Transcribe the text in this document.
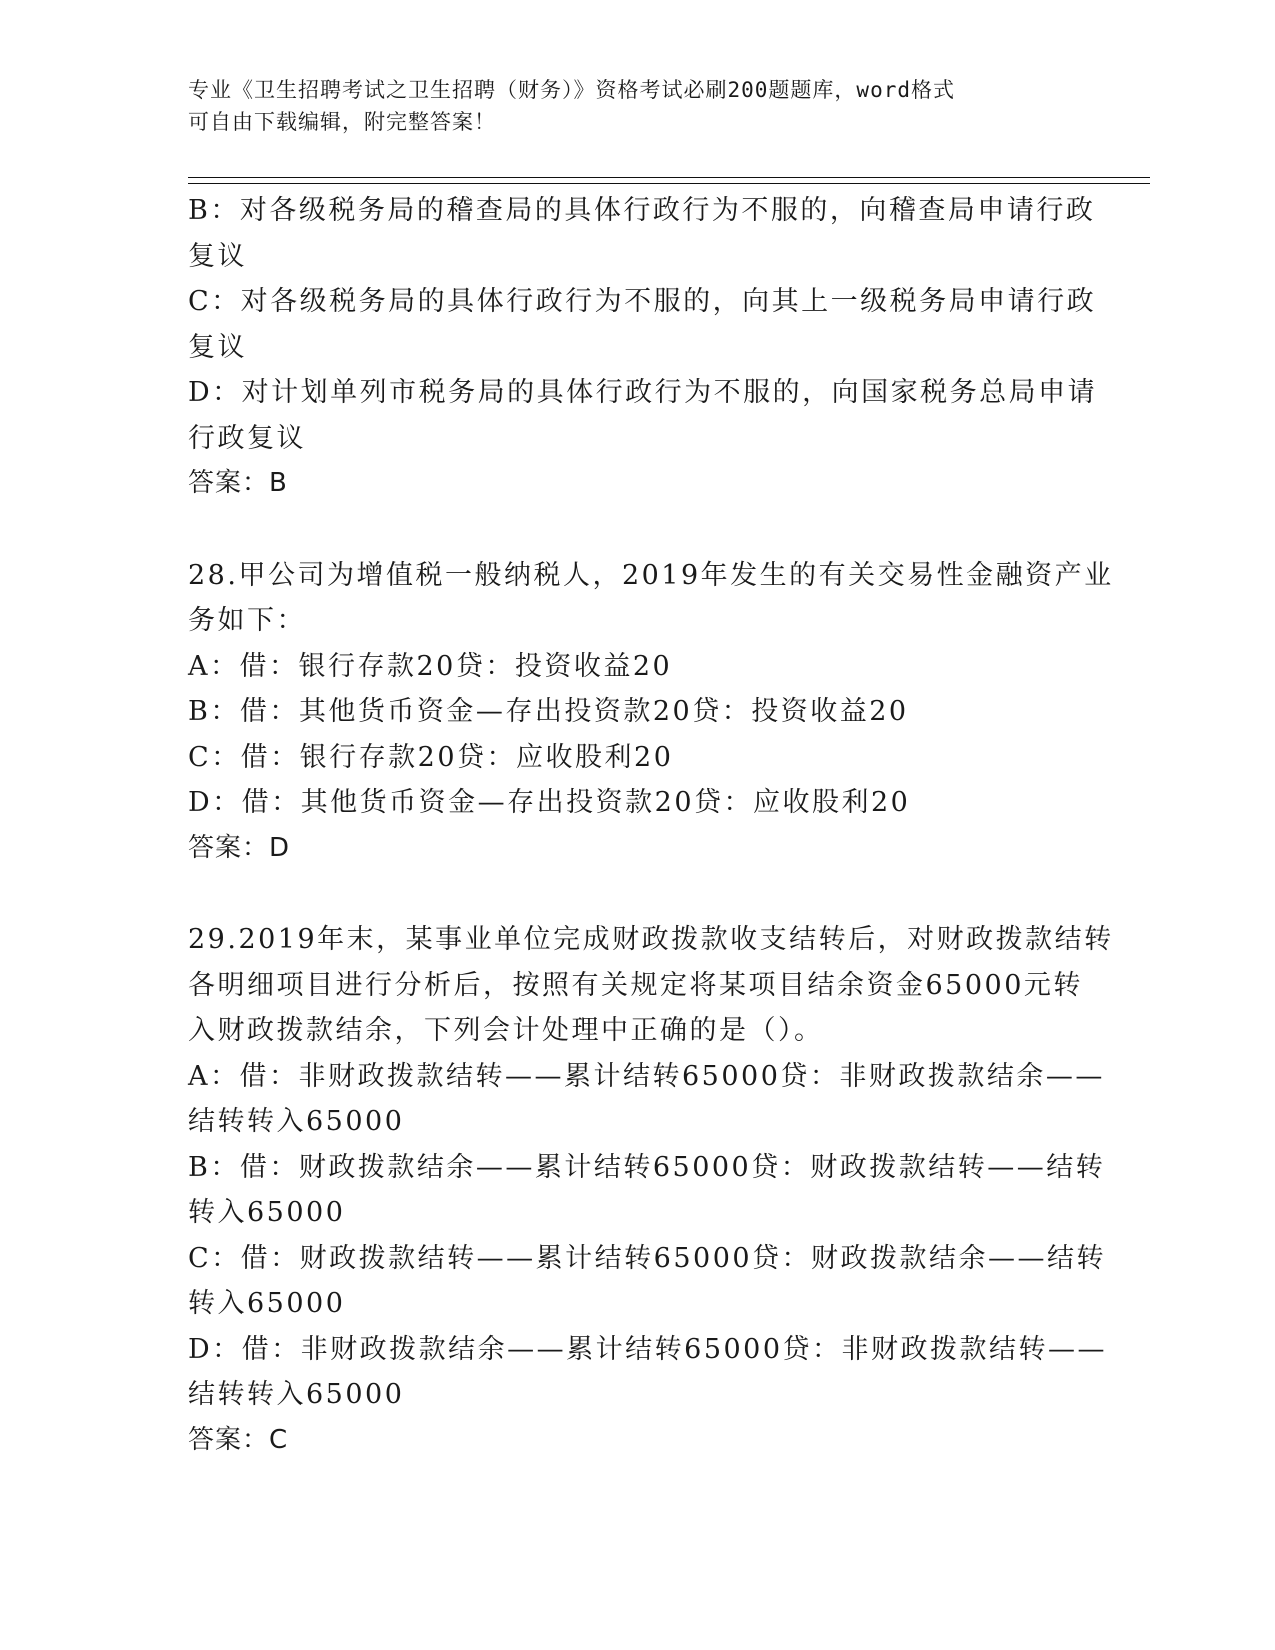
专业《卫生招聘考试之卫生招聘（财务）》资格考试必刷200题题库，word格式

可自由下载编辑，附完整答案！

B：对各级税务局的稽查局的具体行政行为不服的，向稽查局申请行政

复议

C：对各级税务局的具体行政行为不服的，向其上一级税务局申请行政

复议

D：对计划单列市税务局的具体行政行为不服的，向国家税务总局申请

行政复议

答案：B

28.甲公司为增值税一般纳税人，2019年发生的有关交易性金融资产业

务如下：

A：借：银行存款20贷：投资收益20

B：借：其他货币资金—存出投资款20贷：投资收益20

C：借：银行存款20贷：应收股利20

D：借：其他货币资金—存出投资款20贷：应收股利20

答案：D

29.2019年末，某事业单位完成财政拨款收支结转后，对财政拨款结转

各明细项目进行分析后，按照有关规定将某项目结余资金65000元转

入财政拨款结余，下列会计处理中正确的是（）。

A：借：非财政拨款结转——累计结转65000贷：非财政拨款结余——

结转转入65000

B：借：财政拨款结余——累计结转65000贷：财政拨款结转——结转

转入65000

C：借：财政拨款结转——累计结转65000贷：财政拨款结余——结转

转入65000

D：借：非财政拨款结余——累计结转65000贷：非财政拨款结转——

结转转入65000

答案：C
